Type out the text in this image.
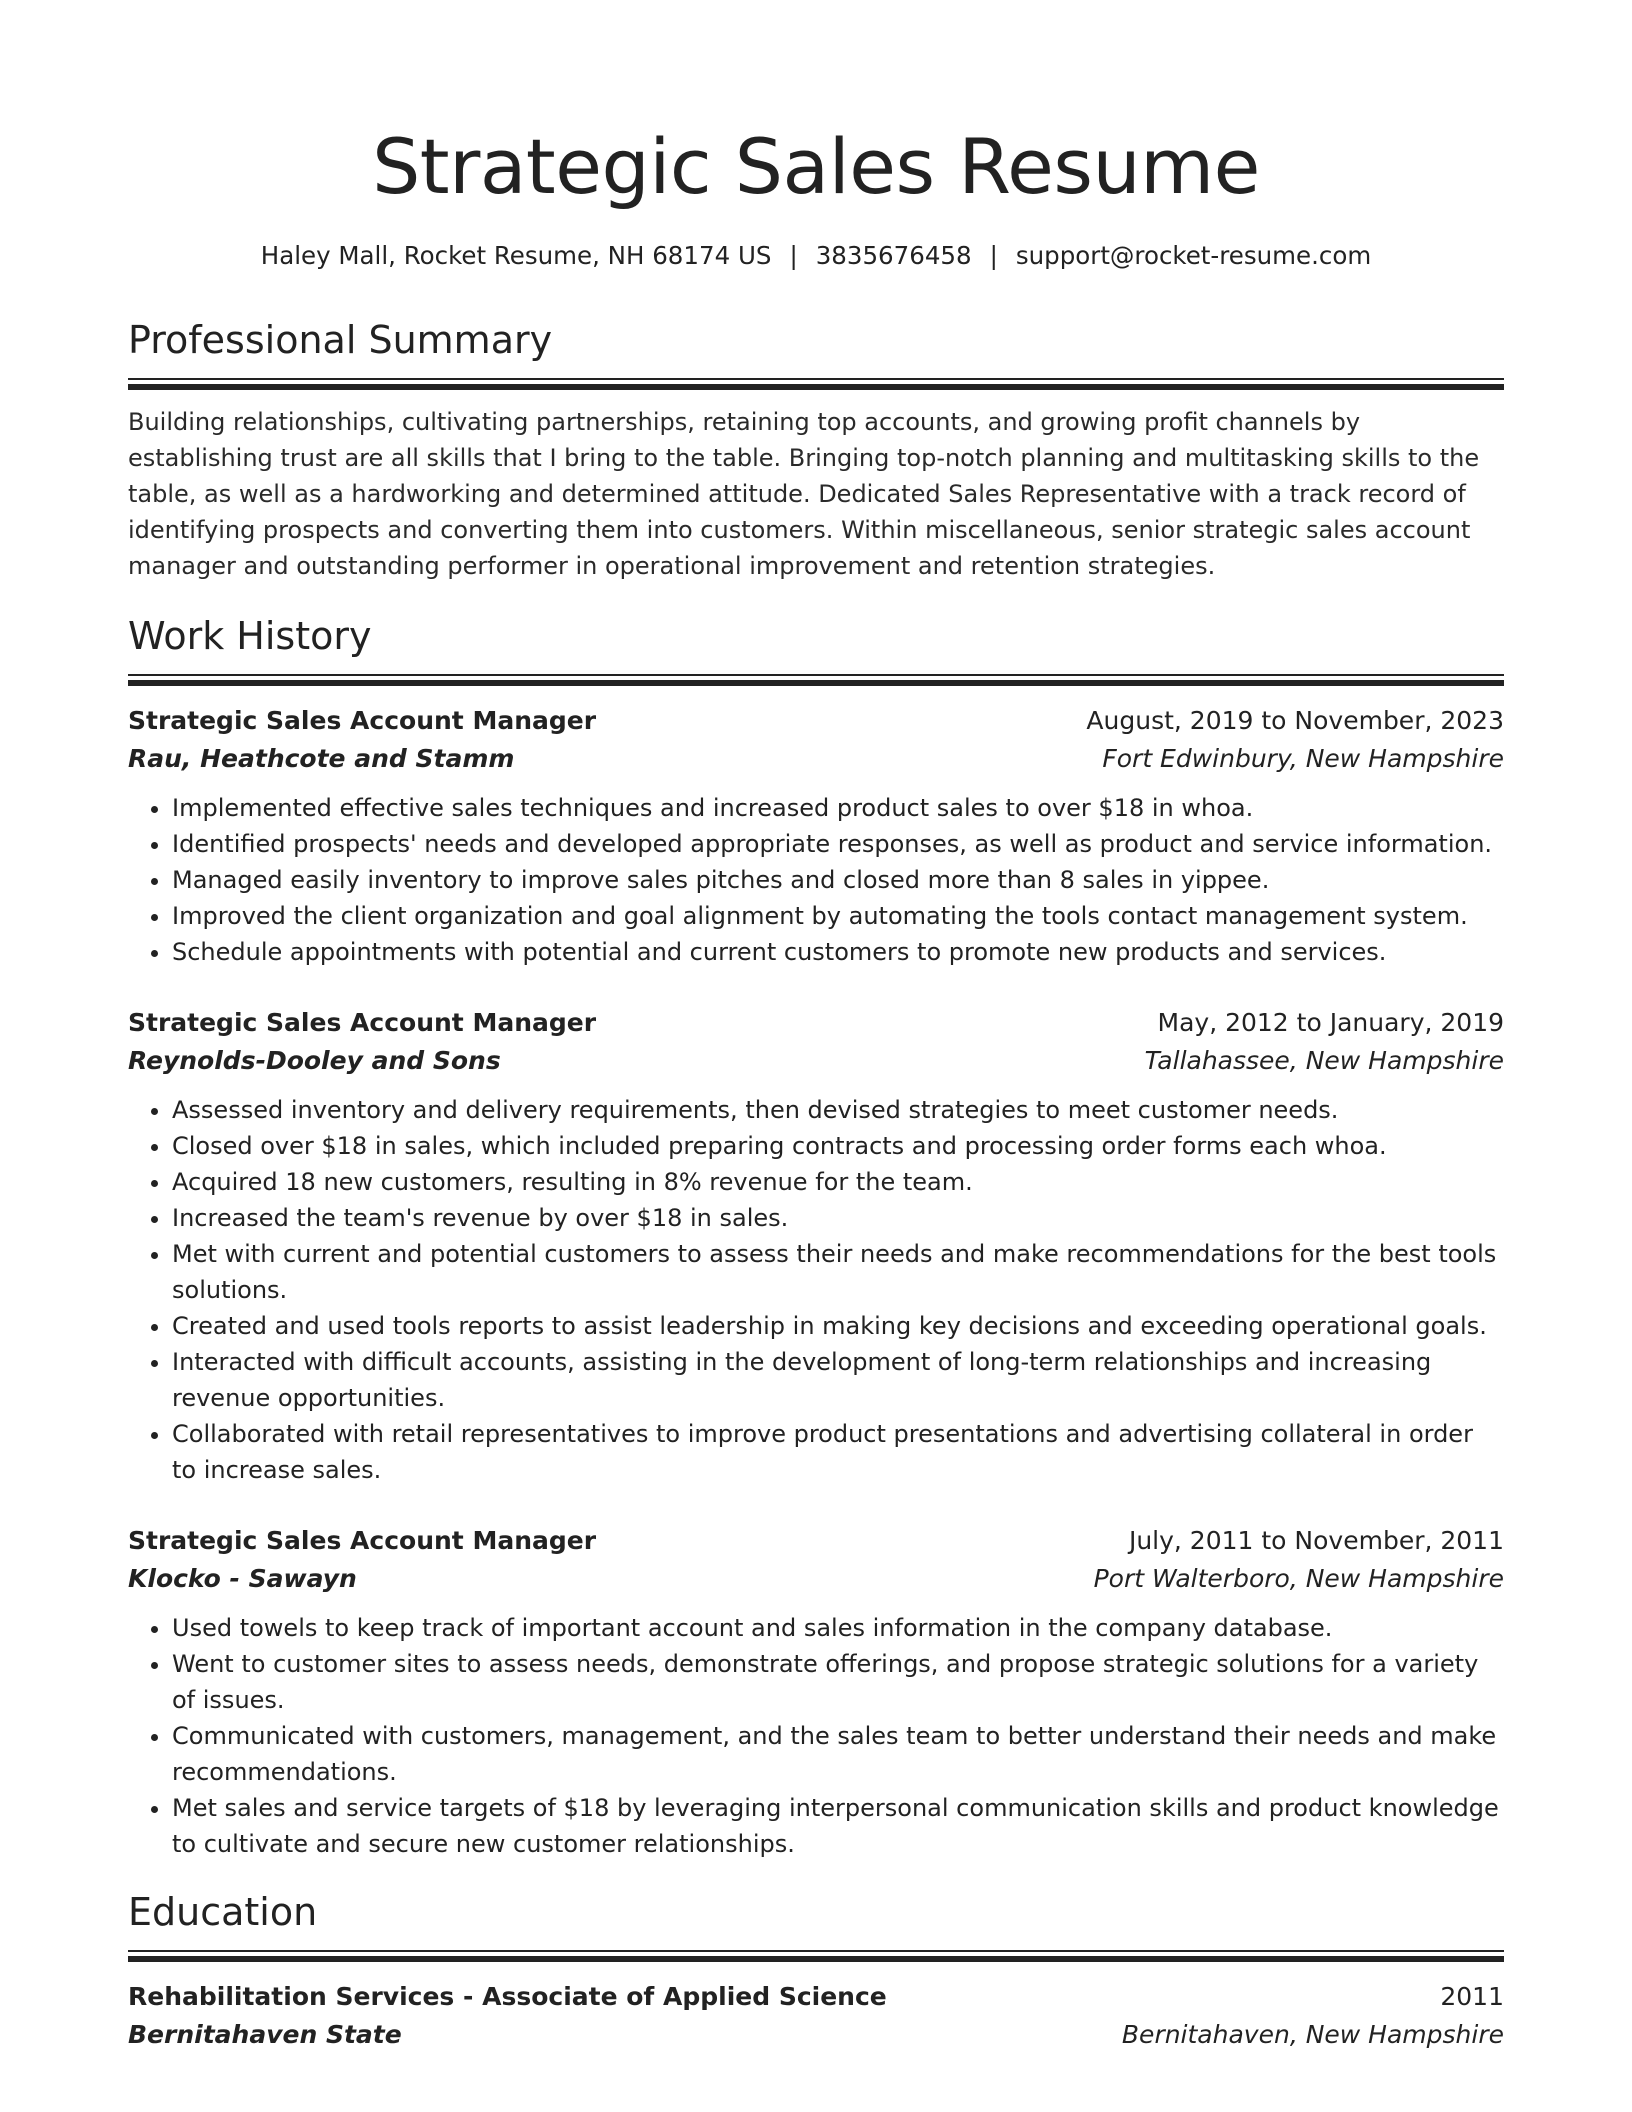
Strategic Sales Resume
Haley Mall, Rocket Resume, NH 68174 US | 3835676458 | support@rocket-resume.com
Professional Summary

Building relationships, cultivating partnerships, retaining top accounts, and growing profit channels by establishing trust are all skills that I bring to the table. Bringing top-notch planning and multitasking skills to the table, as well as a hardworking and determined attitude. Dedicated Sales Representative with a track record of identifying prospects and converting them into customers. Within miscellaneous, senior strategic sales account manager and outstanding performer in operational improvement and retention strategies.

Work History
Strategic Sales Account Manager	August, 2019 to November, 2023
Rau, Heathcote and Stamm	Fort Edwinbury, New Hampshire
• Implemented effective sales techniques and increased product sales to over $18 in whoa.
• Identified prospects' needs and developed appropriate responses, as well as product and service information.
• Managed easily inventory to improve sales pitches and closed more than 8 sales in yippee.
• Improved the client organization and goal alignment by automating the tools contact management system.
• Schedule appointments with potential and current customers to promote new products and services.
Strategic Sales Account Manager	May, 2012 to January, 2019
Reynolds-Dooley and Sons	Tallahassee, New Hampshire
• Assessed inventory and delivery requirements, then devised strategies to meet customer needs.
• Closed over $18 in sales, which included preparing contracts and processing order forms each whoa.
• Acquired 18 new customers, resulting in 8% revenue for the team.
• Increased the team's revenue by over $18 in sales.
• Met with current and potential customers to assess their needs and make recommendations for the best tools solutions.
• Created and used tools reports to assist leadership in making key decisions and exceeding operational goals.
• Interacted with difficult accounts, assisting in the development of long-term relationships and increasing revenue opportunities.
• Collaborated with retail representatives to improve product presentations and advertising collateral in order to increase sales.
Strategic Sales Account Manager	July, 2011 to November, 2011
Klocko - Sawayn	Port Walterboro, New Hampshire
• Used towels to keep track of important account and sales information in the company database.
• Went to customer sites to assess needs, demonstrate offerings, and propose strategic solutions for a variety of issues.
• Communicated with customers, management, and the sales team to better understand their needs and make recommendations.
• Met sales and service targets of $18 by leveraging interpersonal communication skills and product knowledge to cultivate and secure new customer relationships.
Education
Rehabilitation Services - Associate of Applied Science	2011
Bernitahaven State	Bernitahaven, New Hampshire
